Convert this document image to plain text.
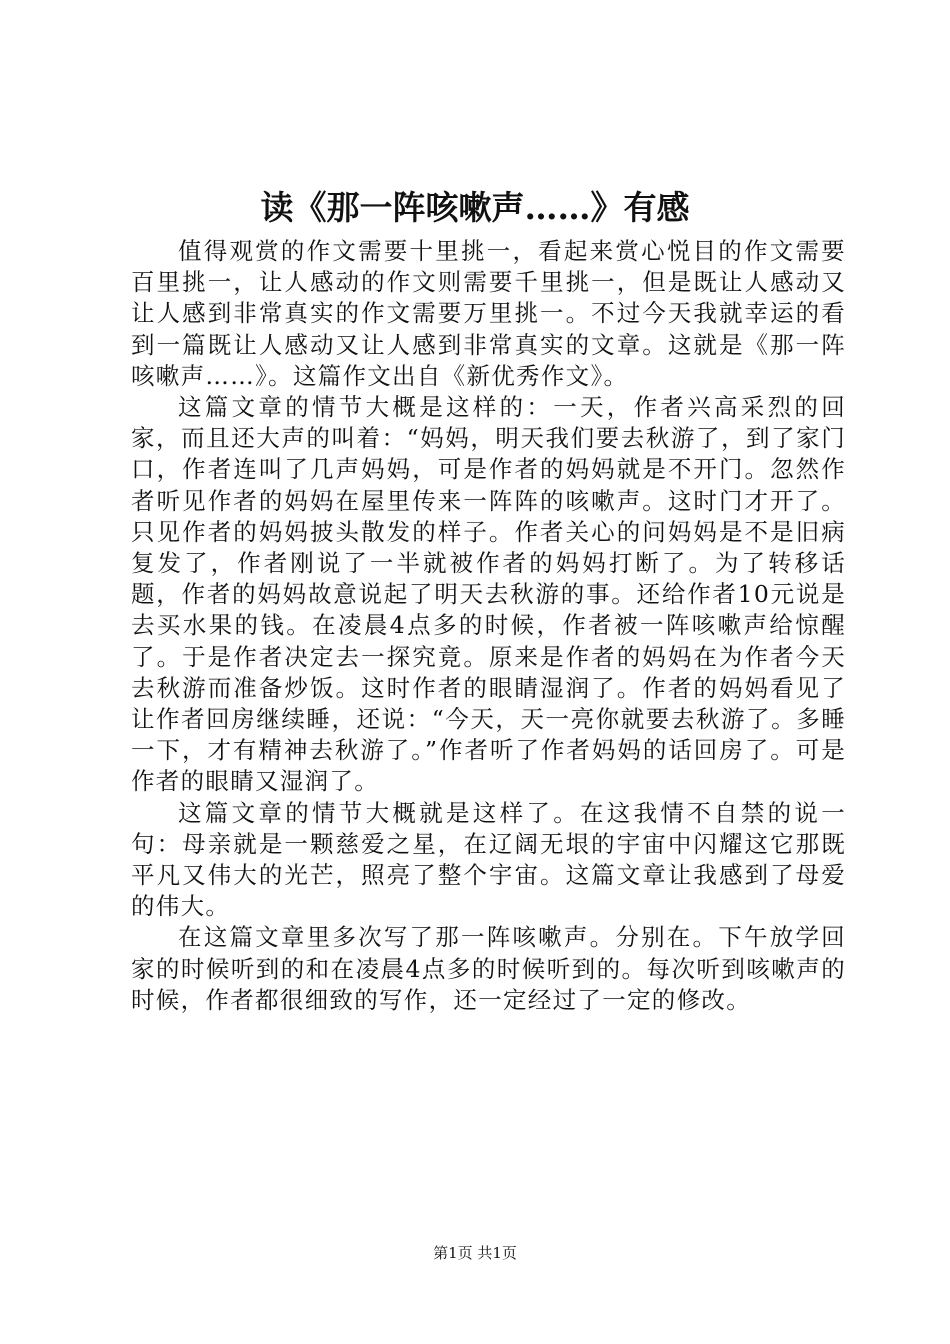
读《那一阵咳嗽声……》有感

值得观赏的作文需要十里挑一，看起来赏心悦目的作文需要百里挑一，让人感动的作文则需要千里挑一，但是既让人感动又让人感到非常真实的作文需要万里挑一。不过今天我就幸运的看到一篇既让人感动又让人感到非常真实的文章。这就是《那一阵咳嗽声……》。这篇作文出自《新优秀作文》。

这篇文章的情节大概是这样的：一天，作者兴高采烈的回家，而且还大声的叫着：“妈妈，明天我们要去秋游了，到了家门口，作者连叫了几声妈妈，可是作者的妈妈就是不开门。忽然作者听见作者的妈妈在屋里传来一阵阵的咳嗽声。这时门才开了。只见作者的妈妈披头散发的样子。作者关心的问妈妈是不是旧病复发了，作者刚说了一半就被作者的妈妈打断了。为了转移话题，作者的妈妈故意说起了明天去秋游的事。还给作者10元说是去买水果的钱。在凌晨4点多的时候，作者被一阵咳嗽声给惊醒了。于是作者决定去一探究竟。原来是作者的妈妈在为作者今天去秋游而准备炒饭。这时作者的眼睛湿润了。作者的妈妈看见了让作者回房继续睡，还说：“今天，天一亮你就要去秋游了。多睡一下，才有精神去秋游了。”作者听了作者妈妈的话回房了。可是作者的眼睛又湿润了。

这篇文章的情节大概就是这样了。在这我情不自禁的说一句：母亲就是一颗慈爱之星，在辽阔无垠的宇宙中闪耀这它那既平凡又伟大的光芒，照亮了整个宇宙。这篇文章让我感到了母爱的伟大。

在这篇文章里多次写了那一阵咳嗽声。分别在。下午放学回家的时候听到的和在凌晨4点多的时候听到的。每次听到咳嗽声的时候，作者都很细致的写作，还一定经过了一定的修改。

第1页 共1页
